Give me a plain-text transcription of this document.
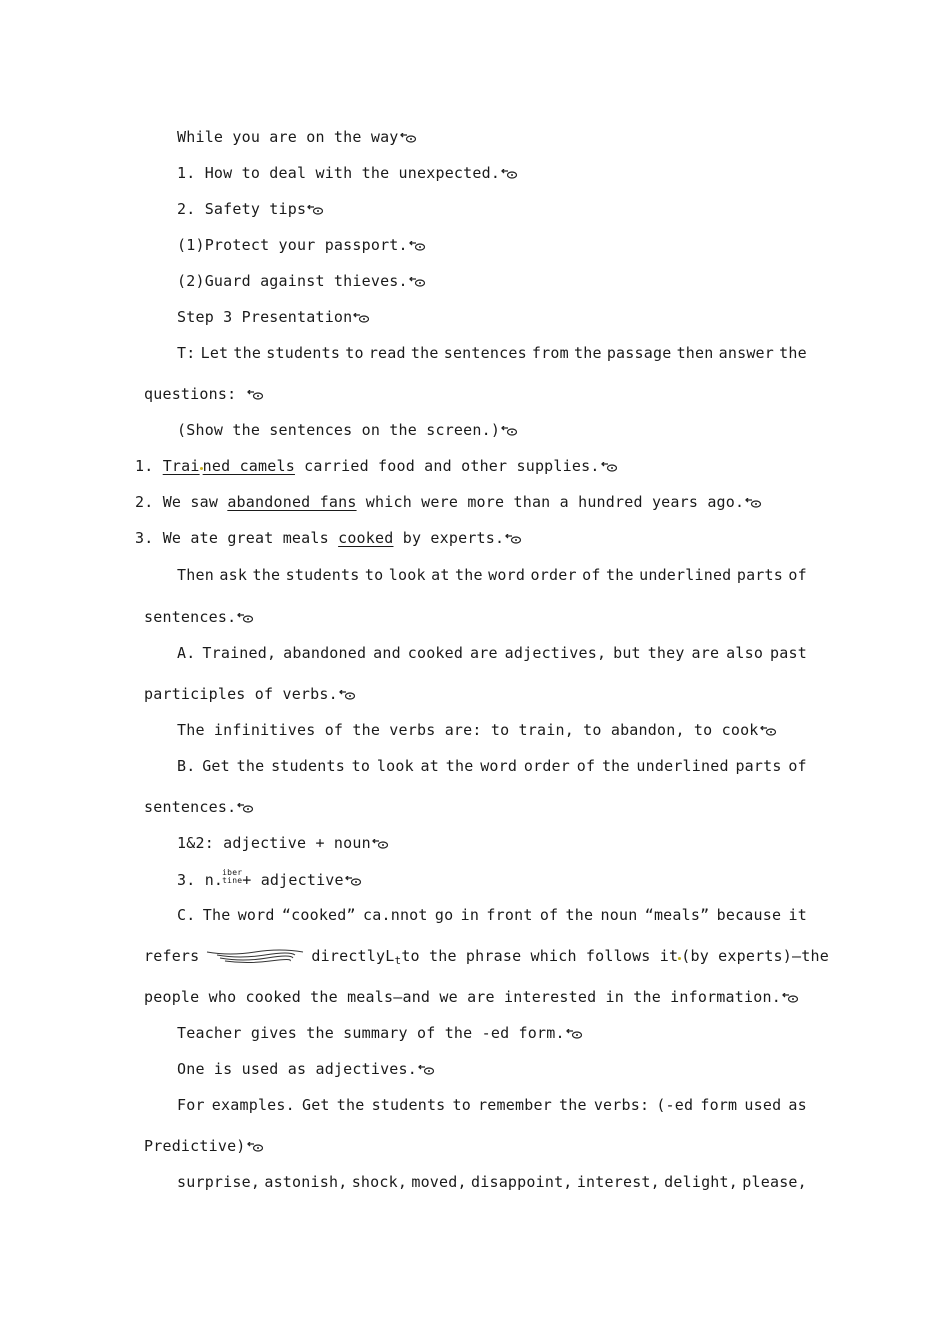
While you are on the way
1. How to deal with the unexpected.
2. Safety tips
(1)Protect your passport.
(2)Guard against thieves.
Step 3 Presentation
T: Let the students to read the sentences from the passage then answer the
questions:
(Show the sentences on the screen.)
1. Trai ned camels carried food and other supplies.
2. We saw abandoned fans which were more than a hundred years ago.
3. We ate great meals cooked by experts.
Then ask the students to look at the word order of the underlined parts of
sentences.
A. Trained, abandoned and cooked are adjectives, but they are also past
participles of verbs.
The infinitives of the verbs are: to train, to abandon, to cook
B. Get the students to look at the word order of the underlined parts of
sentences.
1&2: adjective + noun
3. n. iber
tine + adjective
C. The word “cooked” ca.nnot go in front of the noun “meals” because it
refers	directlyL$_t$ to the phrase which follows it (by experts)—the
people who cooked the meals—and we are interested in the information.
Teacher gives the summary of the -ed form.
One is used as adjectives.
For examples. Get the students to remember the verbs: (-ed form used as
Predictive)
surprise, astonish, shock, moved, disappoint, interest, delight, please,
